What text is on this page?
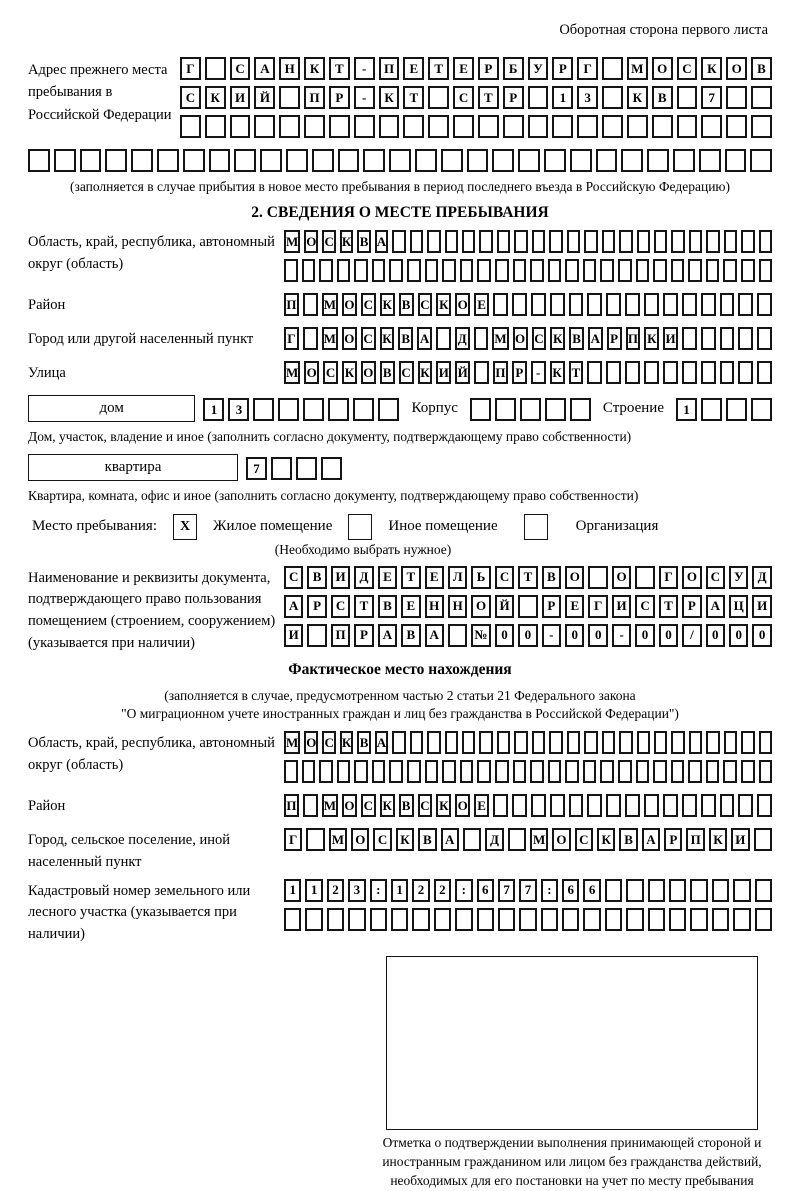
Оборотная сторона первого листа
Адрес прежнего места пребывания в Российской Федерации
Г	С	А	Н	К	Т	-	П	Е	Т	Е	Р	Б	У	Р	Г	М	О	С	К	О	В
С	К	И	Й	П	Р	-	К	Т	С	Т	Р	1	3	К	В	7
(заполняется в случае прибытия в новое место пребывания в период последнего въезда в Российскую Федерацию)
2. СВЕДЕНИЯ О МЕСТЕ ПРЕБЫВАНИЯ
Область, край, республика, автономный округ (область)
М О С К В А
Район	П М О С К В С К О Е
Город или другой населенный пункт	Г М О С К В А Д М О С К В А Р П К И
Улица	М О С К О В С К И Й П Р - К Т
дом	1	3	Корпус	Строение	1
Дом, участок, владение и иное (заполнить согласно документу, подтверждающему право собственности)
квартира	7
Квартира, комната, офис и иное (заполнить согласно документу, подтверждающему право собственности)
Место пребывания:	X	Жилое помещение	Иное помещение	Организация
(Необходимо выбрать нужное)
Наименование и реквизиты документа, подтверждающего право пользования помещением (строением, сооружением) (указывается при наличии)
С	В	И	Д	Е	Т	Е	Л	Ь	С	Т	В	О	О	Г	О	С	У	Д
А	Р	С	Т	В	Е	Н	Н	О	Й	Р	Е	Г	И	С	Т	Р	А	Ц	И
И	П	Р	А	В	А	№	0	0	-	0	0	-	0	0	/	0	0	0
Фактическое место нахождения
(заполняется в случае, предусмотренном частью 2 статьи 21 Федерального закона
"О миграционном учете иностранных граждан и лиц без гражданства в Российской Федерации")
Область, край, республика, автономный округ (область)
М О С К В А
Район	П М О С К В С К О Е
Город, сельское поселение, иной населенный пункт
Г	М О С К	В	А	Д	М О С К	В	А	Р	П К И
Кадастровый номер земельного или лесного участка (указывается при наличии)
1	1	2	3	:	1	2	2	:	6	7	7	:	6	6
Отметка о подтверждении выполнения принимающей стороной и иностранным гражданином или лицом без гражданства действий, необходимых для его постановки на учет по месту пребывания
